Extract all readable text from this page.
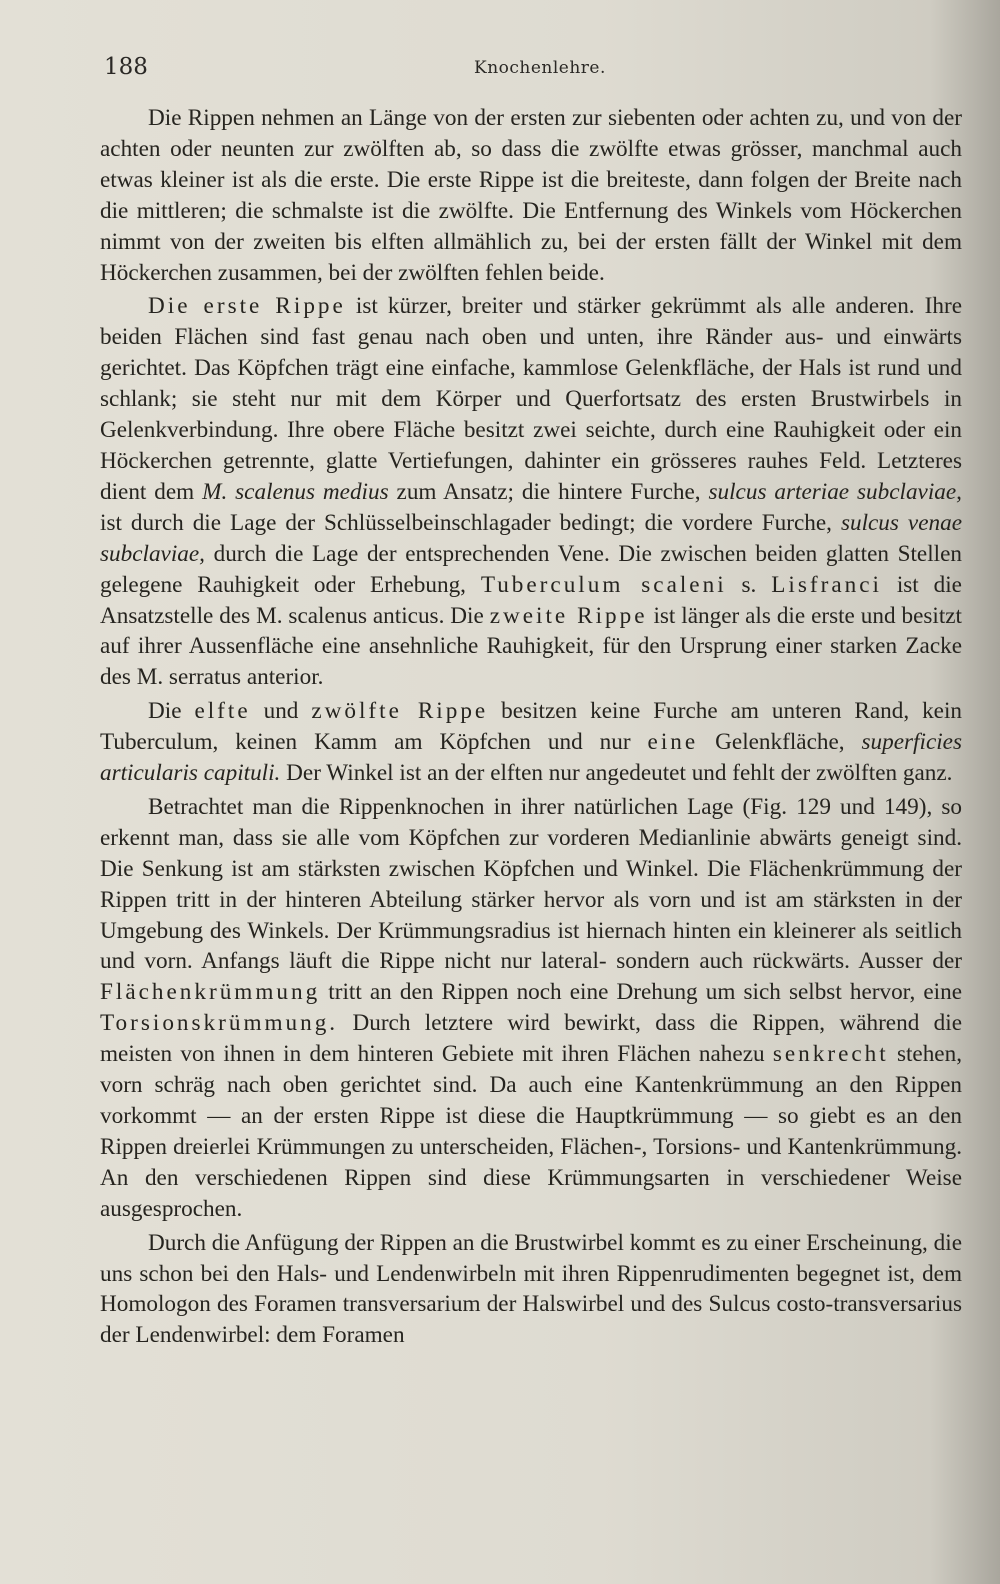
188	Knochenlehre.

Die Rippen nehmen an Länge von der ersten zur siebenten oder achten zu, und von der achten oder neunten zur zwölften ab, so dass die zwölfte etwas grösser, manchmal auch etwas kleiner ist als die erste. Die erste Rippe ist die breiteste, dann folgen der Breite nach die mittleren; die schmalste ist die zwölfte. Die Entfernung des Winkels vom Höckerchen nimmt von der zweiten bis elften allmählich zu, bei der ersten fällt der Winkel mit dem Höckerchen zusammen, bei der zwölften fehlen beide.

Die erste Rippe ist kürzer, breiter und stärker gekrümmt als alle anderen. Ihre beiden Flächen sind fast genau nach oben und unten, ihre Ränder aus- und einwärts gerichtet. Das Köpfchen trägt eine einfache, kammlose Gelenkfläche, der Hals ist rund und schlank; sie steht nur mit dem Körper und Querfortsatz des ersten Brustwirbels in Gelenkverbindung. Ihre obere Fläche besitzt zwei seichte, durch eine Rauhigkeit oder ein Höckerchen getrennte, glatte Vertiefungen, dahinter ein grösseres rauhes Feld. Letzteres dient dem M. scalenus medius zum Ansatz; die hintere Furche, sulcus arteriae subclaviae, ist durch die Lage der Schlüsselbeinschlagader bedingt; die vordere Furche, sulcus venae subclaviae, durch die Lage der entsprechenden Vene. Die zwischen beiden glatten Stellen gelegene Rauhigkeit oder Erhebung, Tuberculum scaleni s. Lisfranci ist die Ansatzstelle des M. scalenus anticus. Die zweite Rippe ist länger als die erste und besitzt auf ihrer Aussenfläche eine ansehnliche Rauhigkeit, für den Ursprung einer starken Zacke des M. serratus anterior.

Die elfte und zwölfte Rippe besitzen keine Furche am unteren Rand, kein Tuberculum, keinen Kamm am Köpfchen und nur eine Gelenkfläche, superficies articularis capituli. Der Winkel ist an der elften nur angedeutet und fehlt der zwölften ganz.

Betrachtet man die Rippenknochen in ihrer natürlichen Lage (Fig. 129 und 149), so erkennt man, dass sie alle vom Köpfchen zur vorderen Medianlinie abwärts geneigt sind. Die Senkung ist am stärksten zwischen Köpfchen und Winkel. Die Flächenkrümmung der Rippen tritt in der hinteren Abteilung stärker hervor als vorn und ist am stärksten in der Umgebung des Winkels. Der Krümmungsradius ist hiernach hinten ein kleinerer als seitlich und vorn. Anfangs läuft die Rippe nicht nur lateral- sondern auch rückwärts. Ausser der Flächenkrümmung tritt an den Rippen noch eine Drehung um sich selbst hervor, eine Torsionskrümmung. Durch letztere wird bewirkt, dass die Rippen, während die meisten von ihnen in dem hinteren Gebiete mit ihren Flächen nahezu senkrecht stehen, vorn schräg nach oben gerichtet sind. Da auch eine Kantenkrümmung an den Rippen vorkommt — an der ersten Rippe ist diese die Hauptkrümmung — so giebt es an den Rippen dreierlei Krümmungen zu unterscheiden, Flächen-, Torsions- und Kantenkrümmung. An den verschiedenen Rippen sind diese Krümmungsarten in verschiedener Weise ausgesprochen.

Durch die Anfügung der Rippen an die Brustwirbel kommt es zu einer Erscheinung, die uns schon bei den Hals- und Lendenwirbeln mit ihren Rippenrudimenten begegnet ist, dem Homologon des Foramen transversarium der Halswirbel und des Sulcus costo-transversarius der Lendenwirbel: dem Foramen
